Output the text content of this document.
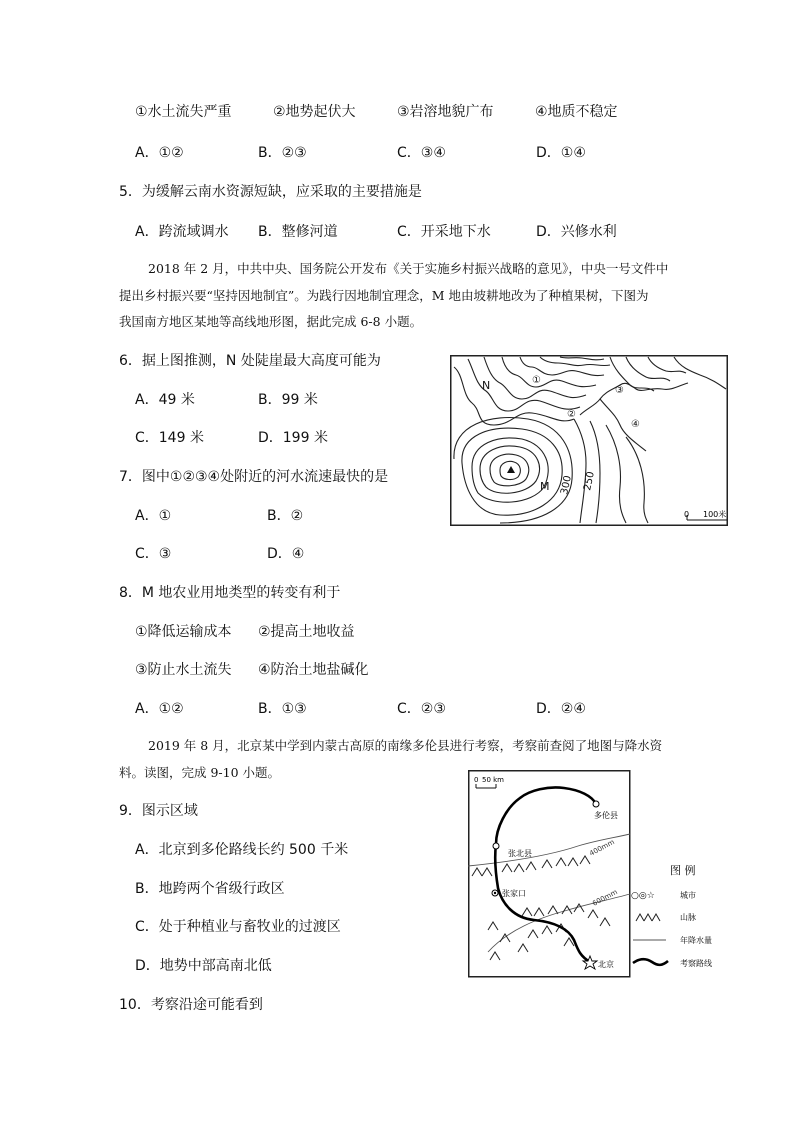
①水土流失严重	②地势起伏大	③岩溶地貌广布	④地质不稳定
A．①②	B．②③	C．③④	D．①④
5．为缓解云南水资源短缺，应采取的主要措施是
A．跨流域调水 B．整修河道	C．开采地下水	D．兴修水利
2018 年 2 月，中共中央、国务院公开发布《关于实施乡村振兴战略的意见》，中央一号文件中
提出乡村振兴要“坚持因地制宜”。为践行因地制宜理念，M 地由坡耕地改为了种植果树，下图为
我国南方地区某地等高线地形图，据此完成 6-8 小题。
6．据上图推测，N 处陡崖最大高度可能为
A．49 米	B．99 米
C．149 米	D．199 米
7．图中①②③④处附近的河水流速最快的是
A．①	B．②
C．③	D．④
8．M 地农业用地类型的转变有利于
①降低运输成本 ②提高土地收益
③防止水土流失 ④防治土地盐碱化
A．①②	B．①③	C．②③	D．②④
2019 年 8 月，北京某中学到内蒙古高原的南缘多伦县进行考察，考察前查阅了地图与降水资
料。读图，完成 9-10 小题。
9．图示区域
A．北京到多伦路线长约 500 千米
B．地跨两个省级行政区
C．处于种植业与畜牧业的过渡区
D．地势中部高南北低
10．考察沿途可能看到
N
M 300 250
①
②
③
④
0 100米
0 50 km
400mm
600mm
多伦县
张北县
张家口
北京
图 例
○◎☆	城市
山脉
年降水量
考察路线
